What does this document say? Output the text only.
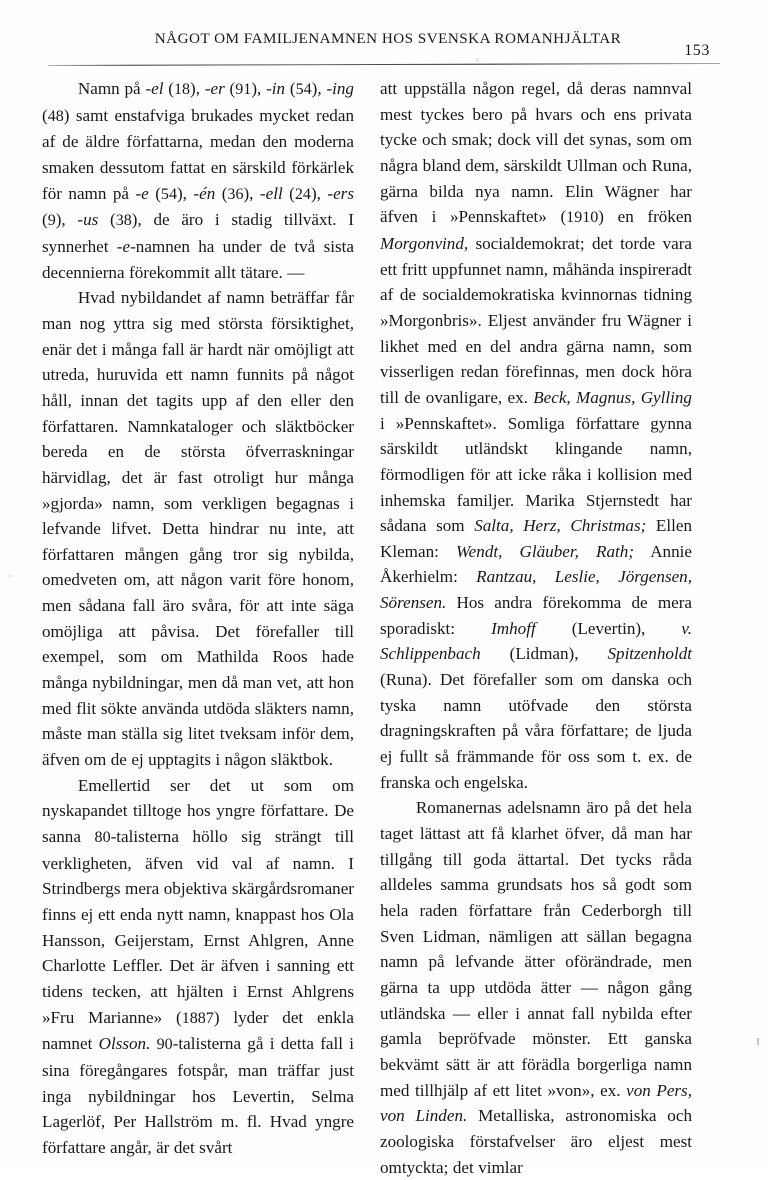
NÅGOT OM FAMILJENAMNEN HOS SVENSKA ROMANHJÄLTAR
153

Namn på -el (18), -er (91), -in (54), -ing (48) samt enstafviga brukades mycket redan af de äldre författarna, medan den moderna smaken dessutom fattat en särskild förkärlek för namn på -e (54), -én (36), -ell (24), -ers (9), -us (38), de äro i stadig tillväxt. I synnerhet -e-namnen ha under de två sista decennierna förekommit allt tätare. —

Hvad nybildandet af namn beträffar får man nog yttra sig med största försiktighet, enär det i många fall är hardt när omöjligt att utreda, huruvida ett namn funnits på något håll, innan det tagits upp af den eller den författaren. Namnkataloger och släktböcker bereda en de största öfverraskningar härvidlag, det är fast otroligt hur många »gjorda» namn, som verkligen begagnas i lefvande lifvet. Detta hindrar nu inte, att författaren mången gång tror sig nybilda, omedveten om, att någon varit före honom, men sådana fall äro svåra, för att inte säga omöjliga att påvisa. Det förefaller till exempel, som om Mathilda Roos hade många nybildningar, men då man vet, att hon med flit sökte använda utdöda släkters namn, måste man ställa sig litet tveksam inför dem, äfven om de ej upptagits i någon släktbok.

Emellertid ser det ut som om nyskapandet tilltoge hos yngre författare. De sanna 80-talisterna höllo sig strängt till verkligheten, äfven vid val af namn. I Strindbergs mera objektiva skärgårdsromaner finns ej ett enda nytt namn, knappast hos Ola Hansson, Geijerstam, Ernst Ahlgren, Anne Charlotte Leffler. Det är äfven i sanning ett tidens tecken, att hjälten i Ernst Ahlgrens »Fru Marianne» (1887) lyder det enkla namnet Olsson. 90-talisterna gå i detta fall i sina föregångares fotspår, man träffar just inga nybildningar hos Levertin, Selma Lagerlöf, Per Hallström m. fl. Hvad yngre författare angår, är det svårt

att uppställa någon regel, då deras namnval mest tyckes bero på hvars och ens privata tycke och smak; dock vill det synas, som om några bland dem, särskildt Ullman och Runa, gärna bilda nya namn. Elin Wägner har äfven i »Pennskaftet» (1910) en fröken Morgonvind, socialdemokrat; det torde vara ett fritt uppfunnet namn, måhända inspireradt af de socialdemokratiska kvinnornas tidning »Morgonbris». Eljest använder fru Wägner i likhet med en del andra gärna namn, som visserligen redan förefinnas, men dock höra till de ovanligare, ex. Beck, Magnus, Gylling i »Pennskaftet». Somliga författare gynna särskildt utländskt klingande namn, förmodligen för att icke råka i kollision med inhemska familjer. Marika Stjernstedt har sådana som Salta, Herz, Christmas; Ellen Kleman: Wendt, Gläuber, Rath; Annie Åkerhielm: Rantzau, Leslie, Jörgensen, Sörensen. Hos andra förekomma de mera sporadiskt: Imhoff (Levertin), v. Schlippenbach (Lidman), Spitzenholdt (Runa). Det förefaller som om danska och tyska namn utöfvade den största dragningskraften på våra författare; de ljuda ej fullt så främmande för oss som t. ex. de franska och engelska.

Romanernas adelsnamn äro på det hela taget lättast att få klarhet öfver, då man har tillgång till goda ättartal. Det tycks råda alldeles samma grundsats hos så godt som hela raden författare från Cederborgh till Sven Lidman, nämligen att sällan begagna namn på lefvande ätter oförändrade, men gärna ta upp utdöda ätter — någon gång utländska — eller i annat fall nybilda efter gamla bepröfvade mönster. Ett ganska bekvämt sätt är att förädla borgerliga namn med tillhjälp af ett litet »von», ex. von Pers, von Linden. Metalliska, astronomiska och zoologiska förstafvelser äro eljest mest omtyckta; det vimlar
